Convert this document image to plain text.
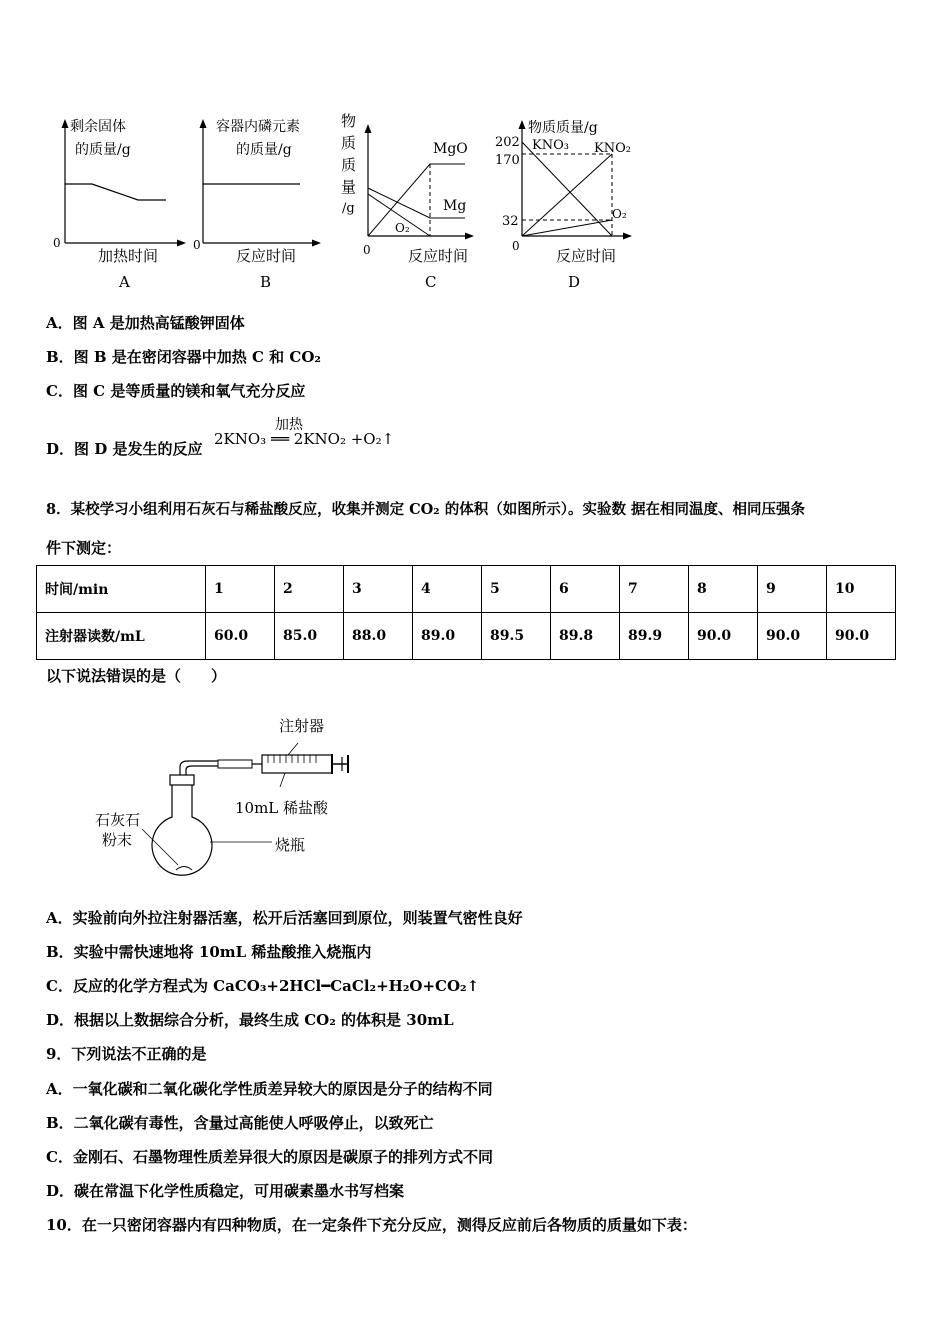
剩余固体
的质量/g
0
加热时间
A
容器内磷元素
的质量/g
0
反应时间
B
物
质
质
量
/g
MgO
Mg
O₂
0 反应时间
C
物质质量/g
202
170
32
KNO₃ KNO₂
O₂
0
反应时间
D
A．图 A 是加热高锰酸钾固体
B．图 B 是在密闭容器中加热 C 和 CO₂
C．图 C 是等质量的镁和氧气充分反应
D．图 D 是发生的反应
加热
2KNO₃ ══ 2KNO₂ +O₂↑
8．某校学习小组利用石灰石与稀盐酸反应，收集并测定 CO₂ 的体积（如图所示）。实验数 据在相同温度、相同压强条
件下测定：
时间/min	1	2	3	4	5	6	7	8	9	10
注射器读数/mL	60.0	85.0	88.0	89.0	89.5	89.8	89.9	90.0	90.0	90.0
以下说法错误的是（　　）
注射器
10mL 稀盐酸
石灰石
粉末	烧瓶
A．实验前向外拉注射器活塞，松开后活塞回到原位，则装置气密性良好
B．实验中需快速地将 10mL 稀盐酸推入烧瓶内
C．反应的化学方程式为 CaCO₃+2HCl━CaCl₂+H₂O+CO₂↑
D．根据以上数据综合分析，最终生成 CO₂ 的体积是 30mL
9．下列说法不正确的是
A．一氧化碳和二氧化碳化学性质差异较大的原因是分子的结构不同
B．二氧化碳有毒性，含量过高能使人呼吸停止，以致死亡
C．金刚石、石墨物理性质差异很大的原因是碳原子的排列方式不同
D．碳在常温下化学性质稳定，可用碳素墨水书写档案
10．在一只密闭容器内有四种物质，在一定条件下充分反应，测得反应前后各物质的质量如下表：
